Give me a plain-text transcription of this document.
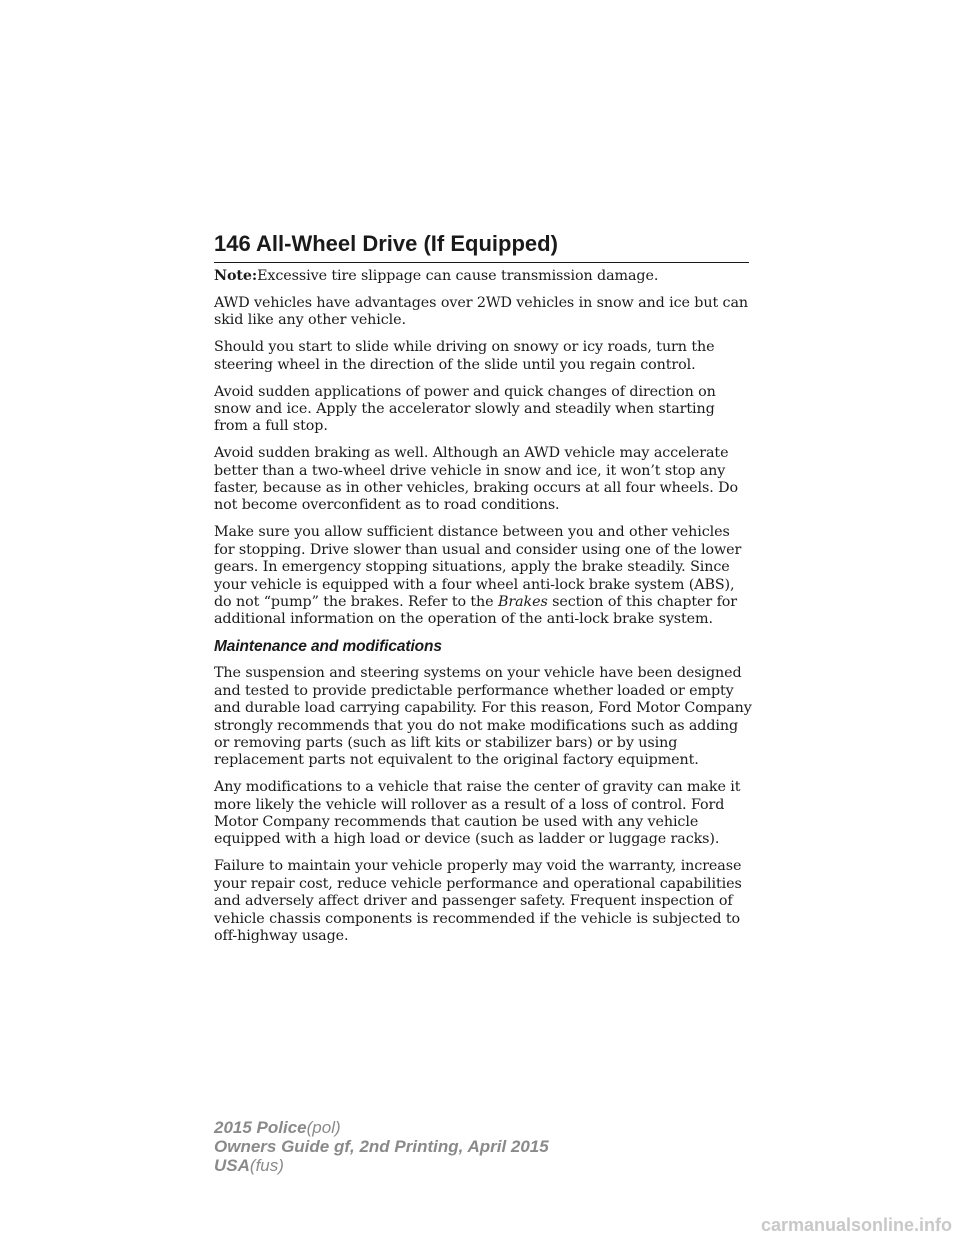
146 All-Wheel Drive (If Equipped)

Note:Excessive tire slippage can cause transmission damage.

AWD vehicles have advantages over 2WD vehicles in snow and ice but can skid like any other vehicle.

Should you start to slide while driving on snowy or icy roads, turn the steering wheel in the direction of the slide until you regain control.

Avoid sudden applications of power and quick changes of direction on snow and ice. Apply the accelerator slowly and steadily when starting from a full stop.

Avoid sudden braking as well. Although an AWD vehicle may accelerate better than a two-wheel drive vehicle in snow and ice, it won’t stop any faster, because as in other vehicles, braking occurs at all four wheels. Do not become overconfident as to road conditions.

Make sure you allow sufficient distance between you and other vehicles for stopping. Drive slower than usual and consider using one of the lower gears. In emergency stopping situations, apply the brake steadily. Since your vehicle is equipped with a four wheel anti-lock brake system (ABS), do not “pump” the brakes. Refer to the Brakes section of this chapter for additional information on the operation of the anti-lock brake system.

Maintenance and modifications

The suspension and steering systems on your vehicle have been designed and tested to provide predictable performance whether loaded or empty and durable load carrying capability. For this reason, Ford Motor Company strongly recommends that you do not make modifications such as adding or removing parts (such as lift kits or stabilizer bars) or by using replacement parts not equivalent to the original factory equipment.

Any modifications to a vehicle that raise the center of gravity can make it more likely the vehicle will rollover as a result of a loss of control. Ford Motor Company recommends that caution be used with any vehicle equipped with a high load or device (such as ladder or luggage racks).

Failure to maintain your vehicle properly may void the warranty, increase your repair cost, reduce vehicle performance and operational capabilities and adversely affect driver and passenger safety. Frequent inspection of vehicle chassis components is recommended if the vehicle is subjected to off-highway usage.

2015 Police(pol)
Owners Guide gf, 2nd Printing, April 2015
USA(fus)
carmanualsonline.info
